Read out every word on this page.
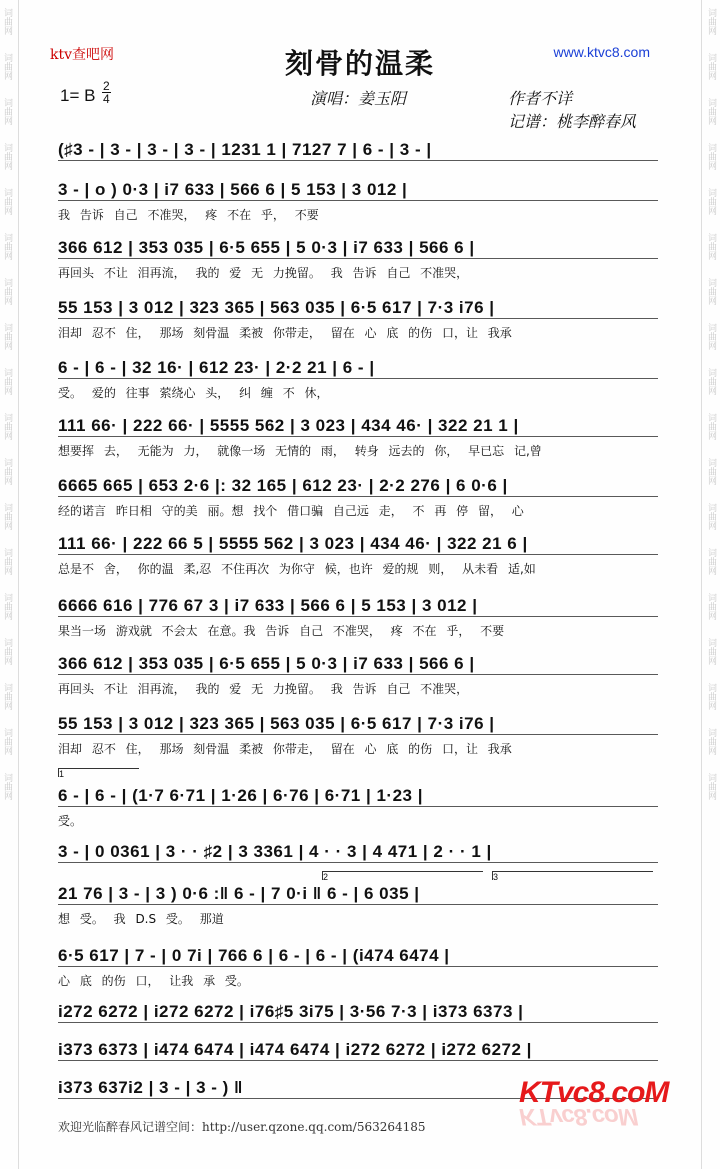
词曲网
词曲网
词曲网
词曲网
词曲网
词曲网
词曲网
词曲网
词曲网
词曲网
词曲网
词曲网
词曲网
词曲网
词曲网
词曲网
词曲网
词曲网
词曲网
词曲网
词曲网
词曲网
词曲网
词曲网
词曲网
词曲网
词曲网
词曲网
词曲网
词曲网
词曲网
词曲网
词曲网
词曲网
词曲网
词曲网
ktv查吧网	www.ktvc8.com
刻骨的温柔
1= B 2
4	演唱：姜玉阳	作者不详
记谱：桃李醉春风
(♯3 - | 3 - | 3 - | 3 - | 1231 1 | 7127 7 | 6 - | 3 - |
3 - | o ) 0·3 | i7 633 | 566 6 | 5 153 | 3 012 |
我 告诉 自己 不准哭， 疼 不在 乎， 不要
366 612 | 353 035 | 6·5 655 | 5 0·3 | i7 633 | 566 6 |
再回头 不让 泪再流， 我的 爱 无 力挽留。 我 告诉 自己 不准哭，
55 153 | 3 012 | 323 365 | 563 035 | 6·5 617 | 7·3 i76 |
泪却 忍不 住， 那场 刻骨温 柔被 你带走， 留在 心 底 的伤 口，让 我承
6 - | 6 - | 32 16· | 612 23· | 2·2 21 | 6 - |
受。 爱的 往事 萦绕心 头， 纠 缠 不 休，
111 66· | 222 66· | 5555 562 | 3 023 | 434 46· | 322 21 1 |
想要挥 去， 无能为 力， 就像一场 无情的 雨， 转身 远去的 你， 早已忘 记,曾
6665 665 | 653 2·6 |: 32 165 | 612 23· | 2·2 276 | 6 0·6 |
经的诺言 昨日相 守的美 丽。想 找个 借口骗 自己远 走， 不 再 停 留， 心
111 66· | 222 66 5 | 5555 562 | 3 023 | 434 46· | 322 21 6 |
总是不 舍， 你的温 柔,忍 不住再次 为你守 候，也许 爱的规 则， 从未看 适,如
6666 616 | 776 67 3 | i7 633 | 566 6 | 5 153 | 3 012 |
果当一场 游戏就 不会太 在意。我 告诉 自己 不准哭， 疼 不在 乎， 不要
366 612 | 353 035 | 6·5 655 | 5 0·3 | i7 633 | 566 6 |
再回头 不让 泪再流， 我的 爱 无 力挽留。 我 告诉 自己 不准哭，
55 153 | 3 012 | 323 365 | 563 035 | 6·5 617 | 7·3 i76 |
泪却 忍不 住， 那场 刻骨温 柔被 你带走， 留在 心 底 的伤 口，让 我承
6 - | 6 - | (1·7 6·71 | 1·26 | 6·76 | 6·71 | 1·23 |
受。
3 - | 0 0361 | 3 · · ♯2 | 3 3361 | 4 · · 3 | 4 471 | 2 · · 1 |
21 76 | 3 - | 3 ) 0·6 :‖ 6 - | 7 0·i ‖ 6 - | 6 035 |
想 受。 我 D.S 受。 那道
6·5 617 | 7 - | 0 7i | 766 6 | 6 - | 6 - | (i474 6474 |
心 底 的伤 口， 让我 承 受。
i272 6272 | i272 6272 | i76♯5 3i75 | 3·56 7·3 | i373 6373 |
i373 6373 | i474 6474 | i474 6474 | i272 6272 | i272 6272 |
i373 637i2 | 3 - | 3 - ) ‖
1
2	3
欢迎光临醉春风记谱空间：http://user.qzone.qq.com/563264185
KTvc8.coM
KTvc8.coM
